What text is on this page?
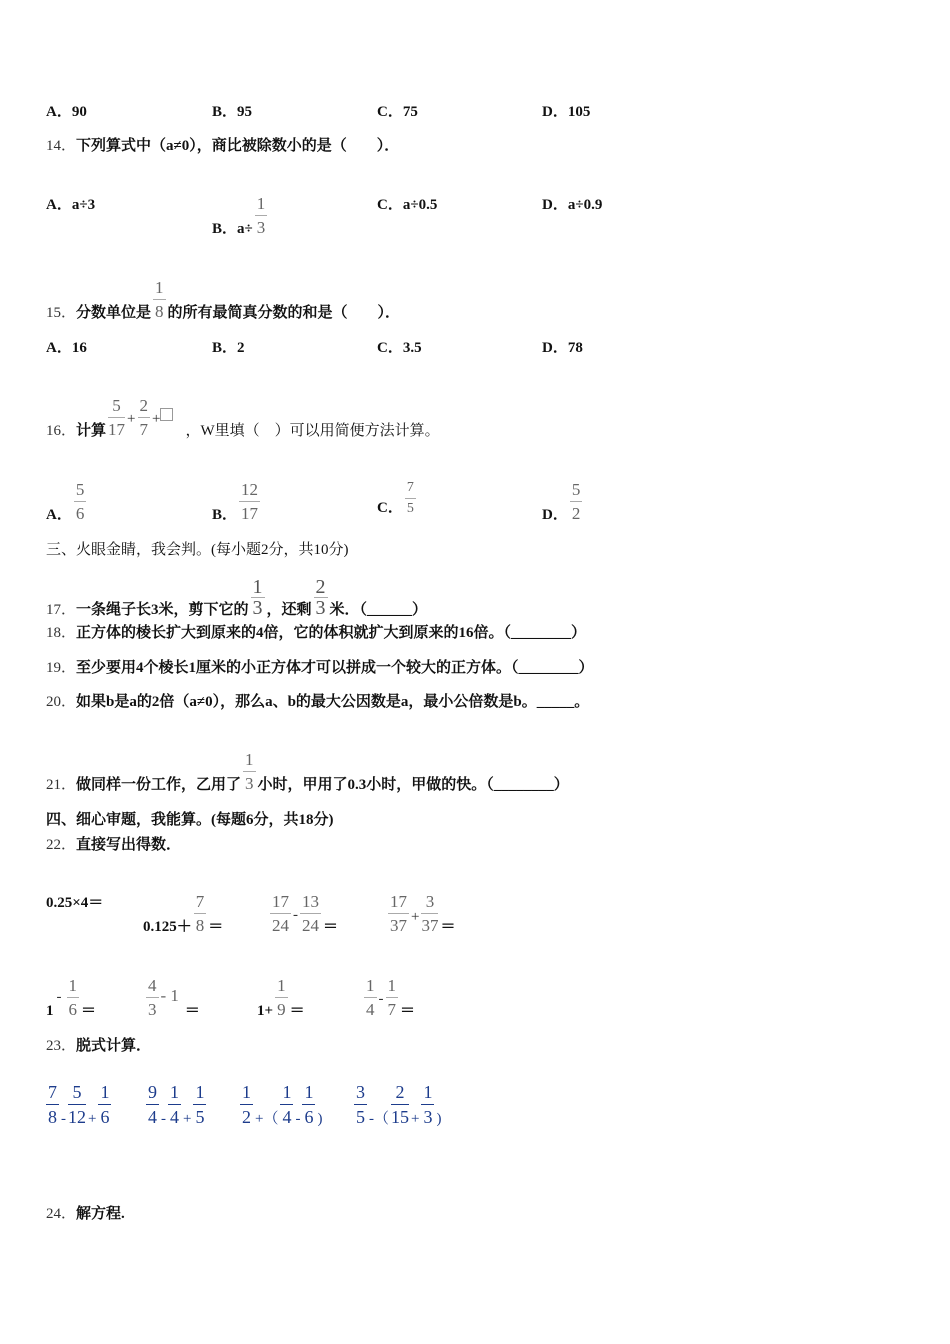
A．90	B．95	C．75	D．105
14．下列算式中（a≠0），商比被除数小的是（　　）．
A．a÷3
B．$a\div \frac{1}{3}$	C．a÷0.5	D．a÷0.9
15．分数单位是 $\frac{1}{8}$ 的所有最简真分数的和是（　　）．
A．16	B．2	C．3.5	D．78
16．计算 $\frac{5}{17} + \frac{2}{7}$ +，W里填（　）可以用简便方法计算。
A． $\frac{5}{6}$	B． $\frac{12}{17}$	C． $\frac{7}{5}$	D． $\frac{5}{2}$
三、火眼金睛，我会判。(每小题2分，共10分)
17．一条绳子长3米，剪下它的 $\frac{1}{3}$ ，还剩 $\frac{2}{3}$ 米．（______）
18．正方体的棱长扩大到原来的4倍，它的体积就扩大到原来的16倍。（________）
19．至少要用4个棱长1厘米的小正方体才可以拼成一个较大的正方体。（________）
20．如果b是a的2倍（a≠0），那么a、b的最大公因数是a，最小公倍数是b。_____。
21．做同样一份工作，乙用了 $\frac{1}{3}$ 小时，甲用了0.3小时，甲做的快。（________）
四、细心审题，我能算。(每题6分，共18分)
22．直接写出得数．
0.25×4＝
$0.125+ \frac{7}{8}$ ＝	$\frac{17}{24} - \frac{13}{24}$ ＝	$\frac{17}{37} + \frac{3}{37}$ ＝
$1- \frac{1}{6}$ ＝	$\frac{4}{3} - 1=$	$1+ \frac{1}{9}$ ＝	$\frac{1}{4} - \frac{1}{7}$ ＝
23．脱式计算．
$\frac{7}{8} - \frac{5}{12} + \frac{1}{6} \frac{9}{4} - \frac{1}{4} + \frac{1}{5} \frac{1}{2}$ +（ $\frac{1}{4} - \frac{1}{6}$ ) $\frac{3}{5}$ -（ $\frac{2}{15} + \frac{1}{3}$ )
24．解方程.
